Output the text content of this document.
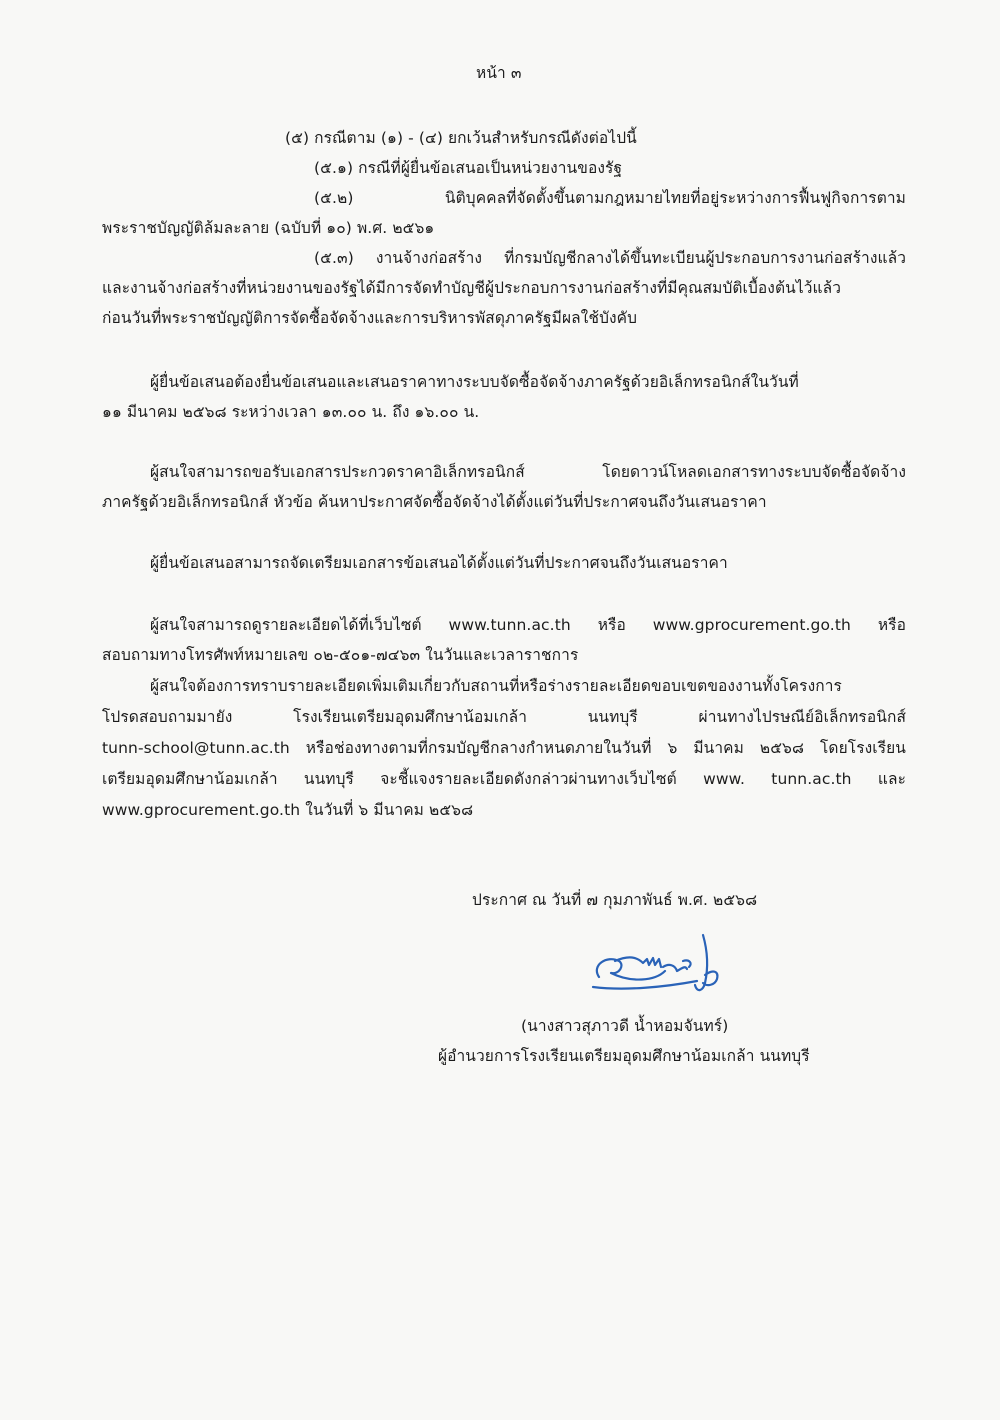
หน้า ๓
(๕) กรณีตาม (๑) - (๔) ยกเว้นสำหรับกรณีดังต่อไปนี้
(๕.๑) กรณีที่ผู้ยื่นข้อเสนอเป็นหน่วยงานของรัฐ
(๕.๒) นิติบุคคลที่จัดตั้งขึ้นตามกฎหมายไทยที่อยู่ระหว่างการฟื้นฟูกิจการตาม
พระราชบัญญัติล้มละลาย (ฉบับที่ ๑๐) พ.ศ. ๒๕๖๑
(๕.๓) งานจ้างก่อสร้าง ที่กรมบัญชีกลางได้ขึ้นทะเบียนผู้ประกอบการงานก่อสร้างแล้ว
และงานจ้างก่อสร้างที่หน่วยงานของรัฐได้มีการจัดทำบัญชีผู้ประกอบการงานก่อสร้างที่มีคุณสมบัติเบื้องต้นไว้แล้ว
ก่อนวันที่พระราชบัญญัติการจัดซื้อจัดจ้างและการบริหารพัสดุภาครัฐมีผลใช้บังคับ
ผู้ยื่นข้อเสนอต้องยื่นข้อเสนอและเสนอราคาทางระบบจัดซื้อจัดจ้างภาครัฐด้วยอิเล็กทรอนิกส์ในวันที่
๑๑ มีนาคม ๒๕๖๘ ระหว่างเวลา ๑๓.๐๐ น. ถึง ๑๖.๐๐ น.
ผู้สนใจสามารถขอรับเอกสารประกวดราคาอิเล็กทรอนิกส์ โดยดาวน์โหลดเอกสารทางระบบจัดซื้อจัดจ้าง
ภาครัฐด้วยอิเล็กทรอนิกส์ หัวข้อ ค้นหาประกาศจัดซื้อจัดจ้างได้ตั้งแต่วันที่ประกาศจนถึงวันเสนอราคา
ผู้ยื่นข้อเสนอสามารถจัดเตรียมเอกสารข้อเสนอได้ตั้งแต่วันที่ประกาศจนถึงวันเสนอราคา
ผู้สนใจสามารถดูรายละเอียดได้ที่เว็บไซต์ www.tunn.ac.th หรือ www.gprocurement.go.th หรือ
สอบถามทางโทรศัพท์หมายเลข ๐๒-๕๐๑-๗๔๖๓ ในวันและเวลาราชการ
ผู้สนใจต้องการทราบรายละเอียดเพิ่มเติมเกี่ยวกับสถานที่หรือร่างรายละเอียดขอบเขตของงานทั้งโครงการ
โปรดสอบถามมายัง โรงเรียนเตรียมอุดมศึกษาน้อมเกล้า นนทบุรี ผ่านทางไปรษณีย์อิเล็กทรอนิกส์
tunn-school@tunn.ac.th หรือช่องทางตามที่กรมบัญชีกลางกำหนดภายในวันที่ ๖ มีนาคม ๒๕๖๘ โดยโรงเรียน
เตรียมอุดมศึกษาน้อมเกล้า นนทบุรี จะชี้แจงรายละเอียดดังกล่าวผ่านทางเว็บไซต์ www. tunn.ac.th และ
www.gprocurement.go.th ในวันที่ ๖ มีนาคม ๒๕๖๘
ประกาศ ณ วันที่ ๗ กุมภาพันธ์ พ.ศ. ๒๕๖๘
(นางสาวสุภาวดี น้ำหอมจันทร์)
ผู้อำนวยการโรงเรียนเตรียมอุดมศึกษาน้อมเกล้า นนทบุรี
